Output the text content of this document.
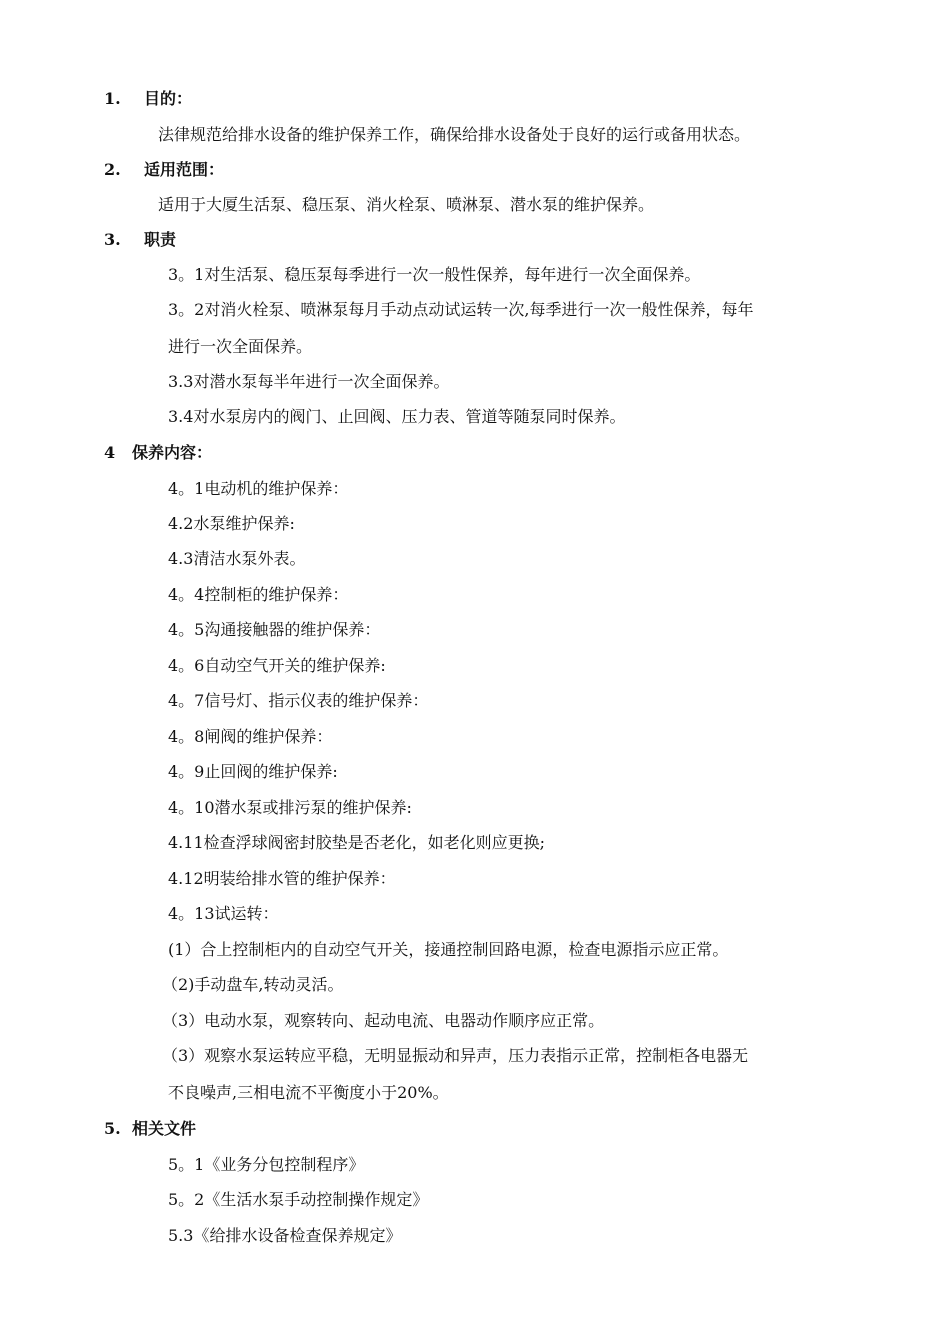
1. 目的：
法律规范给排水设备的维护保养工作，确保给排水设备处于良好的运行或备用状态。
2. 适用范围：
适用于大厦生活泵、稳压泵、消火栓泵、喷淋泵、潜水泵的维护保养。
3. 职责
3。1对生活泵、稳压泵每季进行一次一般性保养，每年进行一次全面保养。
3。2对消火栓泵、喷淋泵每月手动点动试运转一次,每季进行一次一般性保养，每年
进行一次全面保养。
3.3对潜水泵每半年进行一次全面保养。
3.4对水泵房内的阀门、止回阀、压力表、管道等随泵同时保养。
4 保养内容：
4。1电动机的维护保养：
4.2水泵维护保养:
4.3清洁水泵外表。
4。4控制柜的维护保养：
4。5沟通接触器的维护保养：
4。6自动空气开关的维护保养:
4。7信号灯、指示仪表的维护保养：
4。8闸阀的维护保养：
4。9止回阀的维护保养:
4。10潜水泵或排污泵的维护保养:
4.11检查浮球阀密封胶垫是否老化，如老化则应更换;
4.12明装给排水管的维护保养：
4。13试运转：
(1）合上控制柜内的自动空气开关，接通控制回路电源，检查电源指示应正常。
（2)手动盘车,转动灵活。
（3）电动水泵，观察转向、起动电流、电器动作顺序应正常。
（3）观察水泵运转应平稳，无明显振动和异声，压力表指示正常，控制柜各电器无
不良噪声,三相电流不平衡度小于20%。
5. 相关文件
5。1《业务分包控制程序》
5。2《生活水泵手动控制操作规定》
5.3《给排水设备检查保养规定》
